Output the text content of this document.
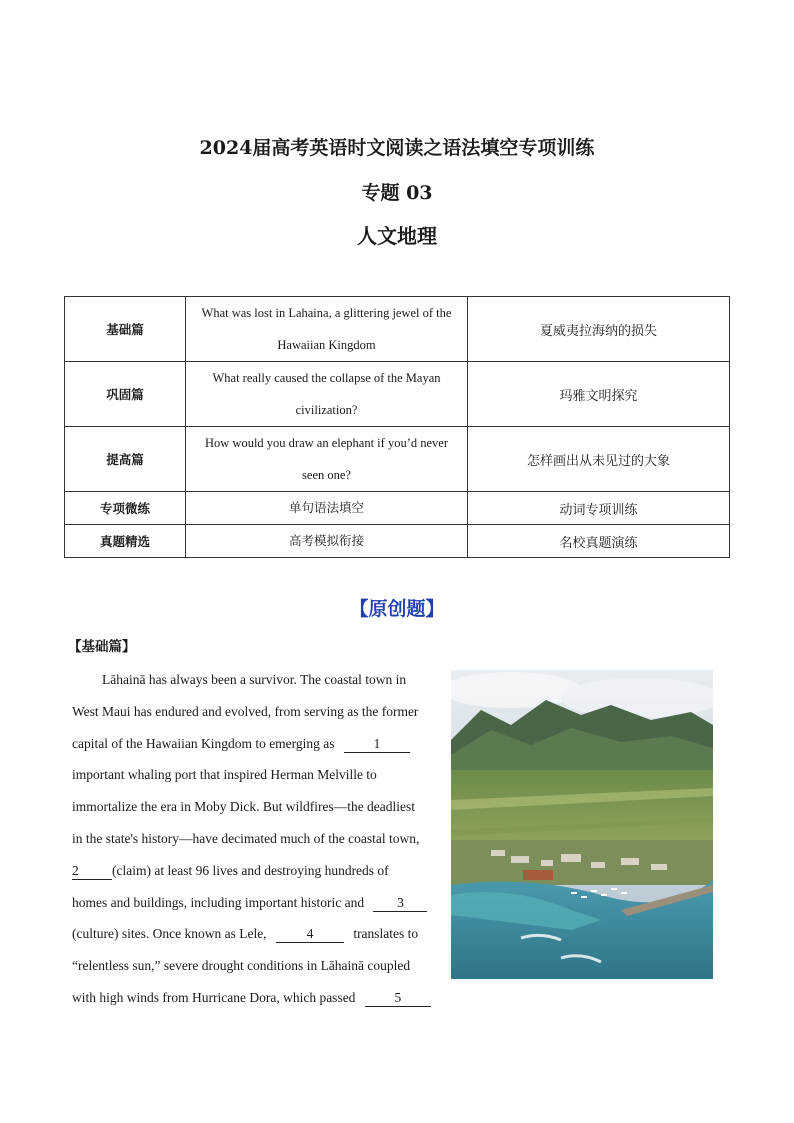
2024届高考英语时文阅读之语法填空专项训练
专题 03
人文地理
基础篇	What was lost in Lahaina, a glittering jewel of the Hawaiian Kingdom	夏威夷拉海纳的损失
巩固篇	What really caused the collapse of the Mayan civilization?	玛雅文明探究
提高篇	How would you draw an elephant if you’d never seen one?	怎样画出从未见过的大象
专项微练	单句语法填空	动词专项训练
真题精选	高考模拟衔接	名校真题演练
【原创题】
【基础篇】
Lāhainā has always been a survivor. The coastal town in
West Maui has endured and evolved, from serving as the former
capital of the Hawaiian Kingdom to emerging as	1
important whaling port that inspired Herman Melville to
immortalize the era in Moby Dick. But wildfires—the deadliest
in the state's history—have decimated much of the coastal town,
2 (claim) at least 96 lives and destroying hundreds of
homes and buildings, including important historic and 3
(culture) sites. Once known as Lele,	4	translates to
“relentless sun,” severe drought conditions in Lāhainā coupled
with high winds from Hurricane Dora, which passed	5
